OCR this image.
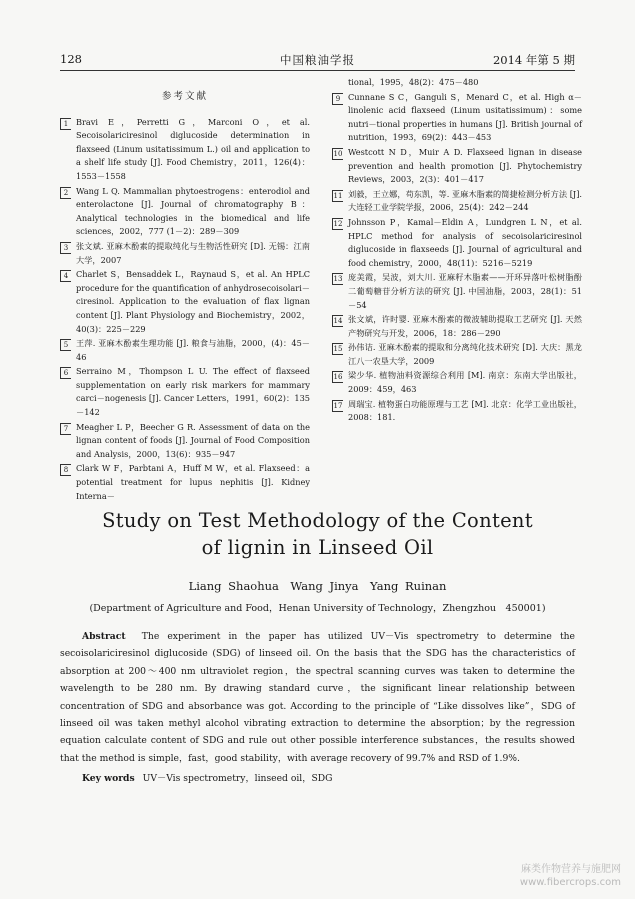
128	中国粮油学报	2014 年第 5 期
参考文献
1 Bravi E，Perretti G，Marconi O，et al. Secoisolariciresinol diglucoside determination in flaxseed (Linum usitatissimum L.) oil and application to a shelf life study [J]. Food Chemistry，2011，126(4)：1553－1558
2 Wang L Q. Mammalian phytoestrogens：enterodiol and enterolactone [J]. Journal of chromatography B：Analytical technologies in the biomedical and life sciences，2002，777 (1－2)：289－309
3 张文斌. 亚麻木酚素的提取纯化与生物活性研究 [D]. 无锡：江南大学，2007
4 Charlet S，Bensaddek L，Raynaud S，et al. An HPLC procedure for the quantification of anhydrosecoisolari－ciresinol. Application to the evaluation of flax lignan content [J]. Plant Physiology and Biochemistry，2002，40(3)：225－229
5 王萍. 亚麻木酚素生理功能 [J]. 粮食与油脂，2000，(4)：45－46
6 Serraino M，Thompson L U. The effect of flaxseed supplementation on early risk markers for mammary carci－nogenesis [J]. Cancer Letters，1991，60(2)：135－142
7 Meagher L P，Beecher G R. Assessment of data on the lignan content of foods [J]. Journal of Food Composition and Analysis，2000，13(6)：935－947
8 Clark W F，Parbtani A，Huff M W，et al. Flaxseed：a potential treatment for lupus nephitis [J]. Kidney Interna－
tional，1995，48(2)：475－480
9 Cunnane S C，Ganguli S，Menard C，et al. High α－linolenic acid flaxseed (Linum usitatissimum)：some nutri－tional properties in humans [J]. British journal of nutrition，1993，69(2)：443－453
10 Westcott N D，Muir A D. Flaxseed lignan in disease prevention and health promotion [J]. Phytochemistry Reviews，2003，2(3)：401－417
11 刘毅，王立娜，苟东凯，等. 亚麻木脂素的简捷检测分析方法 [J]. 大连轻工业学院学报，2006，25(4)：242－244
12 Johnsson P，Kamal－Eldin A，Lundgren L N，et al. HPLC method for analysis of secoisolariciresinol diglucoside in flaxseeds [J]. Journal of agricultural and food chemistry，2000，48(11)：5216－5219
13 庞美霞，吴波，刘大川. 亚麻籽木脂素——开环异落叶松树脂酚二葡萄糖苷分析方法的研究 [J]. 中国油脂，2003，28(1)：51－54
14 张文斌，许时婴. 亚麻木酚素的微波辅助提取工艺研究 [J]. 天然产物研究与开发，2006，18：286－290
15 孙伟诘. 亚麻木酚素的提取和分离纯化技术研究 [D]. 大庆：黑龙江八一农垦大学，2009
16 梁少华. 植物油料资源综合利用 [M]. 南京：东南大学出版社，2009：459，463
17 周瑞宝. 植物蛋白功能原理与工艺 [M]. 北京：化学工业出版社，2008：181.
Study on Test Methodology of the Content
of lignin in Linseed Oil
Liang Shaohua　Wang Jinya　Yang Ruinan
(Department of Agriculture and Food，Henan University of Technology，Zhengzhou　450001)
Abstract The experiment in the paper has utilized UV－Vis spectrometry to determine the secoisolariciresinol diglucoside (SDG) of linseed oil. On the basis that the SDG has the characteristics of absorption at 200～400 nm ultraviolet region，the spectral scanning curves was taken to determine the wavelength to be 280 nm. By drawing standard curve，the significant linear relationship between concentration of SDG and absorbance was got. According to the principle of “Like dissolves like”，SDG of linseed oil was taken methyl alcohol vibrating extraction to determine the absorption；by the regression equation calculate content of SDG and rule out other possible interference substances，the results showed that the method is simple，fast，good stability，with average recovery of 99.7% and RSD of 1.9%.
Key words UV－Vis spectrometry，linseed oil，SDG
麻类作物营养与施肥网
www.fibercrops.com
